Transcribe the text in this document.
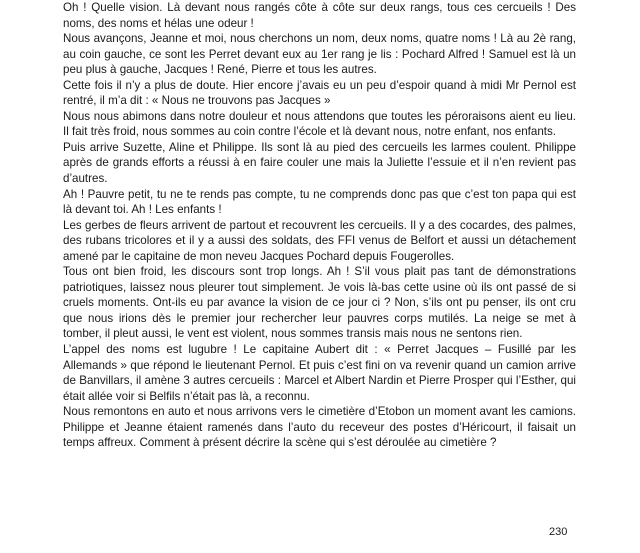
Oh ! Quelle vision. Là devant nous rangés côte à côte sur deux rangs, tous ces cercueils ! Des noms, des noms et hélas une odeur !

Nous avançons, Jeanne et moi, nous cherchons un nom, deux noms, quatre noms ! Là au 2è rang, au coin gauche, ce sont les Perret devant eux au 1er rang je lis : Pochard Alfred ! Samuel est là un peu plus à gauche, Jacques ! René, Pierre et tous les autres.

Cette fois il n’y a plus de doute. Hier encore j’avais eu un peu d’espoir quand à midi Mr Pernol est rentré, il m’a dit : « Nous ne trouvons pas Jacques »

Nous nous abimons dans notre douleur et nous attendons que toutes les péroraisons aient eu lieu. Il fait très froid, nous sommes au coin contre l’école et là devant nous, notre enfant, nos enfants.

Puis arrive Suzette, Aline et Philippe. Ils sont là au pied des cercueils les larmes coulent. Philippe après de grands efforts a réussi à en faire couler une mais la Juliette l’essuie et il n’en revient pas d’autres.

Ah ! Pauvre petit, tu ne te rends pas compte, tu ne comprends donc pas que c’est ton papa qui est là devant toi. Ah ! Les enfants !

Les gerbes de fleurs arrivent de partout et recouvrent les cercueils. Il y a des cocardes, des palmes, des rubans tricolores et il y a aussi des soldats, des FFI venus de Belfort et aussi un détachement amené par le capitaine de mon neveu Jacques Pochard depuis Fougerolles.

Tous ont bien froid, les discours sont trop longs. Ah ! S’il vous plait pas tant de démonstrations patriotiques, laissez nous pleurer tout simplement. Je vois là-bas cette usine où ils ont passé de si cruels moments. Ont-ils eu par avance la vision de ce jour ci ? Non, s’ils ont pu penser, ils ont cru que nous irions dès le premier jour rechercher leur pauvres corps mutilés. La neige se met à tomber, il pleut aussi, le vent est violent, nous sommes transis mais nous ne sentons rien.

L’appel des noms est lugubre ! Le capitaine Aubert dit : « Perret Jacques – Fusillé par les Allemands » que répond le lieutenant Pernol. Et puis c’est fini on va revenir quand un camion arrive de Banvillars, il amène 3 autres cercueils : Marcel et Albert Nardin et Pierre Prosper qui l’Esther, qui était allée voir si Belfils n’était pas là, a reconnu.

Nous remontons en auto et nous arrivons vers le cimetière d’Etobon un moment avant les camions. Philippe et Jeanne étaient ramenés dans l’auto du receveur des postes d’Héricourt, il faisait un temps affreux. Comment à présent décrire la scène qui s’est déroulée au cimetière ?

230
